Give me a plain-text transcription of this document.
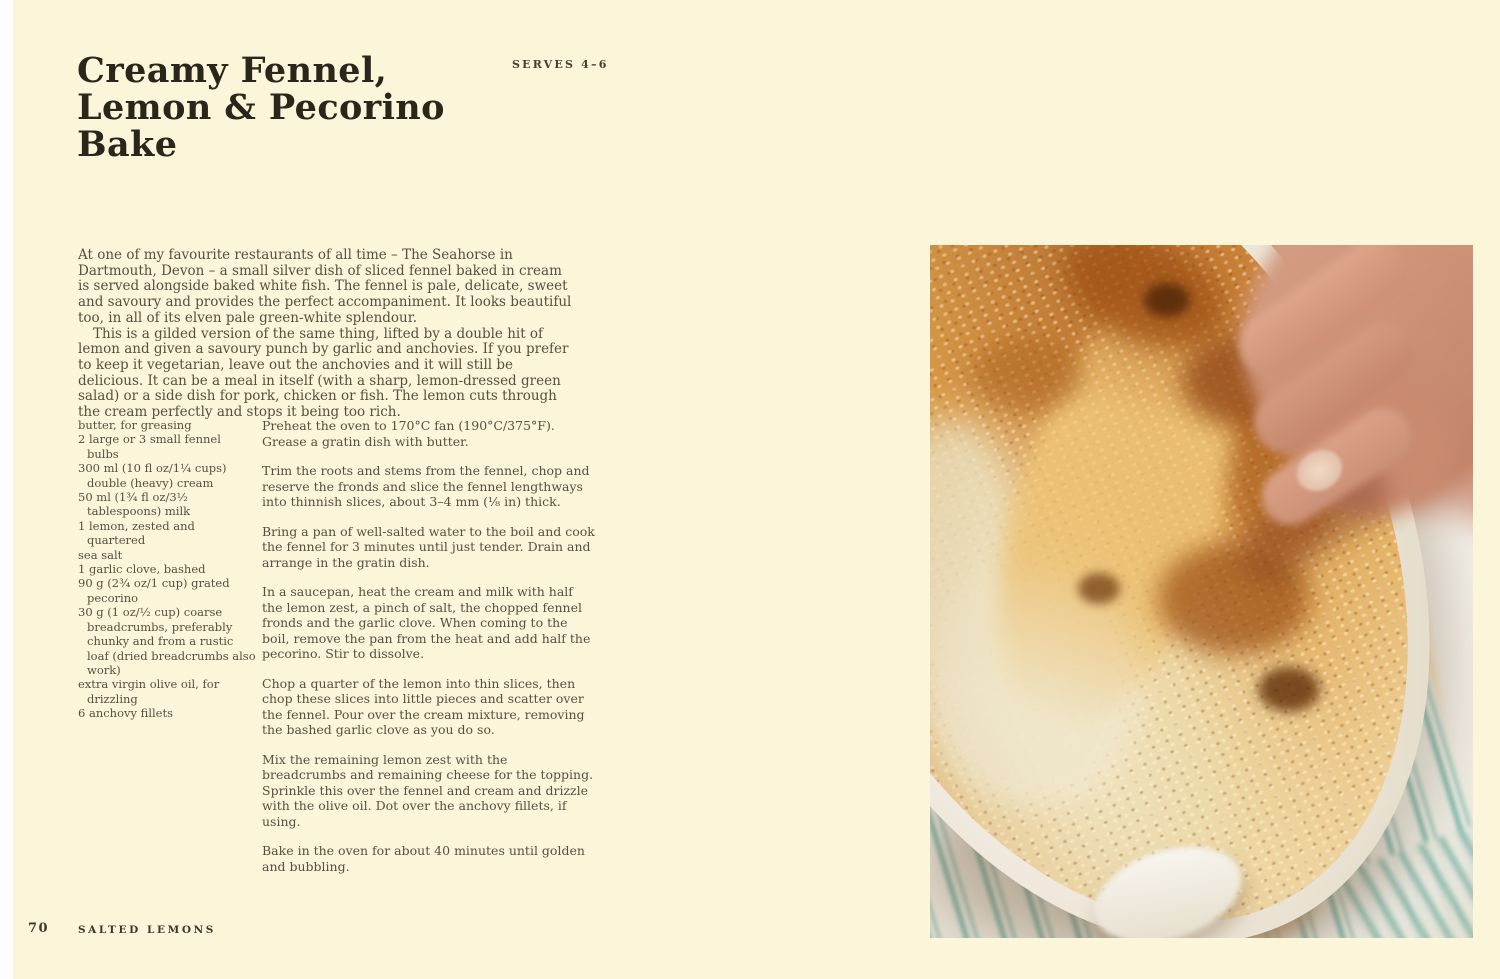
SERVES 4–6
Creamy Fennel,
Lemon & Pecorino
Bake

At one of my favourite restaurants of all time – The Seahorse in Dartmouth, Devon – a small silver dish of sliced fennel baked in cream is served alongside baked white fish. The fennel is pale, delicate, sweet and savoury and provides the perfect accompaniment. It looks beautiful too, in all of its elven pale green-white splendour.

This is a gilded version of the same thing, lifted by a double hit of lemon and given a savoury punch by garlic and anchovies. If you prefer to keep it vegetarian, leave out the anchovies and it will still be delicious. It can be a meal in itself (with a sharp, lemon-dressed green salad) or a side dish for pork, chicken or fish. The lemon cuts through the cream perfectly and stops it being too rich.

butter, for greasing
2 large or 3 small fennel bulbs
300 ml (10 fl oz/1¼ cups) double (heavy) cream
50 ml (1¾ fl oz/3½ tablespoons) milk
1 lemon, zested and quartered
sea salt
1 garlic clove, bashed
90 g (2¾ oz/1 cup) grated pecorino
30 g (1 oz/½ cup) coarse breadcrumbs, preferably chunky and from a rustic loaf (dried breadcrumbs also work)
extra virgin olive oil, for drizzling
6 anchovy fillets

Preheat the oven to 170°C fan (190°C/375°F). Grease a gratin dish with butter.

Trim the roots and stems from the fennel, chop and reserve the fronds and slice the fennel lengthways into thinnish slices, about 3–4 mm (⅛ in) thick.

Bring a pan of well-salted water to the boil and cook the fennel for 3 minutes until just tender. Drain and arrange in the gratin dish.

In a saucepan, heat the cream and milk with half the lemon zest, a pinch of salt, the chopped fennel fronds and the garlic clove. When coming to the boil, remove the pan from the heat and add half the pecorino. Stir to dissolve.

Chop a quarter of the lemon into thin slices, then chop these slices into little pieces and scatter over the fennel. Pour over the cream mixture, removing the bashed garlic clove as you do so.

Mix the remaining lemon zest with the breadcrumbs and remaining cheese for the topping. Sprinkle this over the fennel and cream and drizzle with the olive oil. Dot over the anchovy fillets, if using.

Bake in the oven for about 40 minutes until golden and bubbling.

70	SALTED LEMONS
